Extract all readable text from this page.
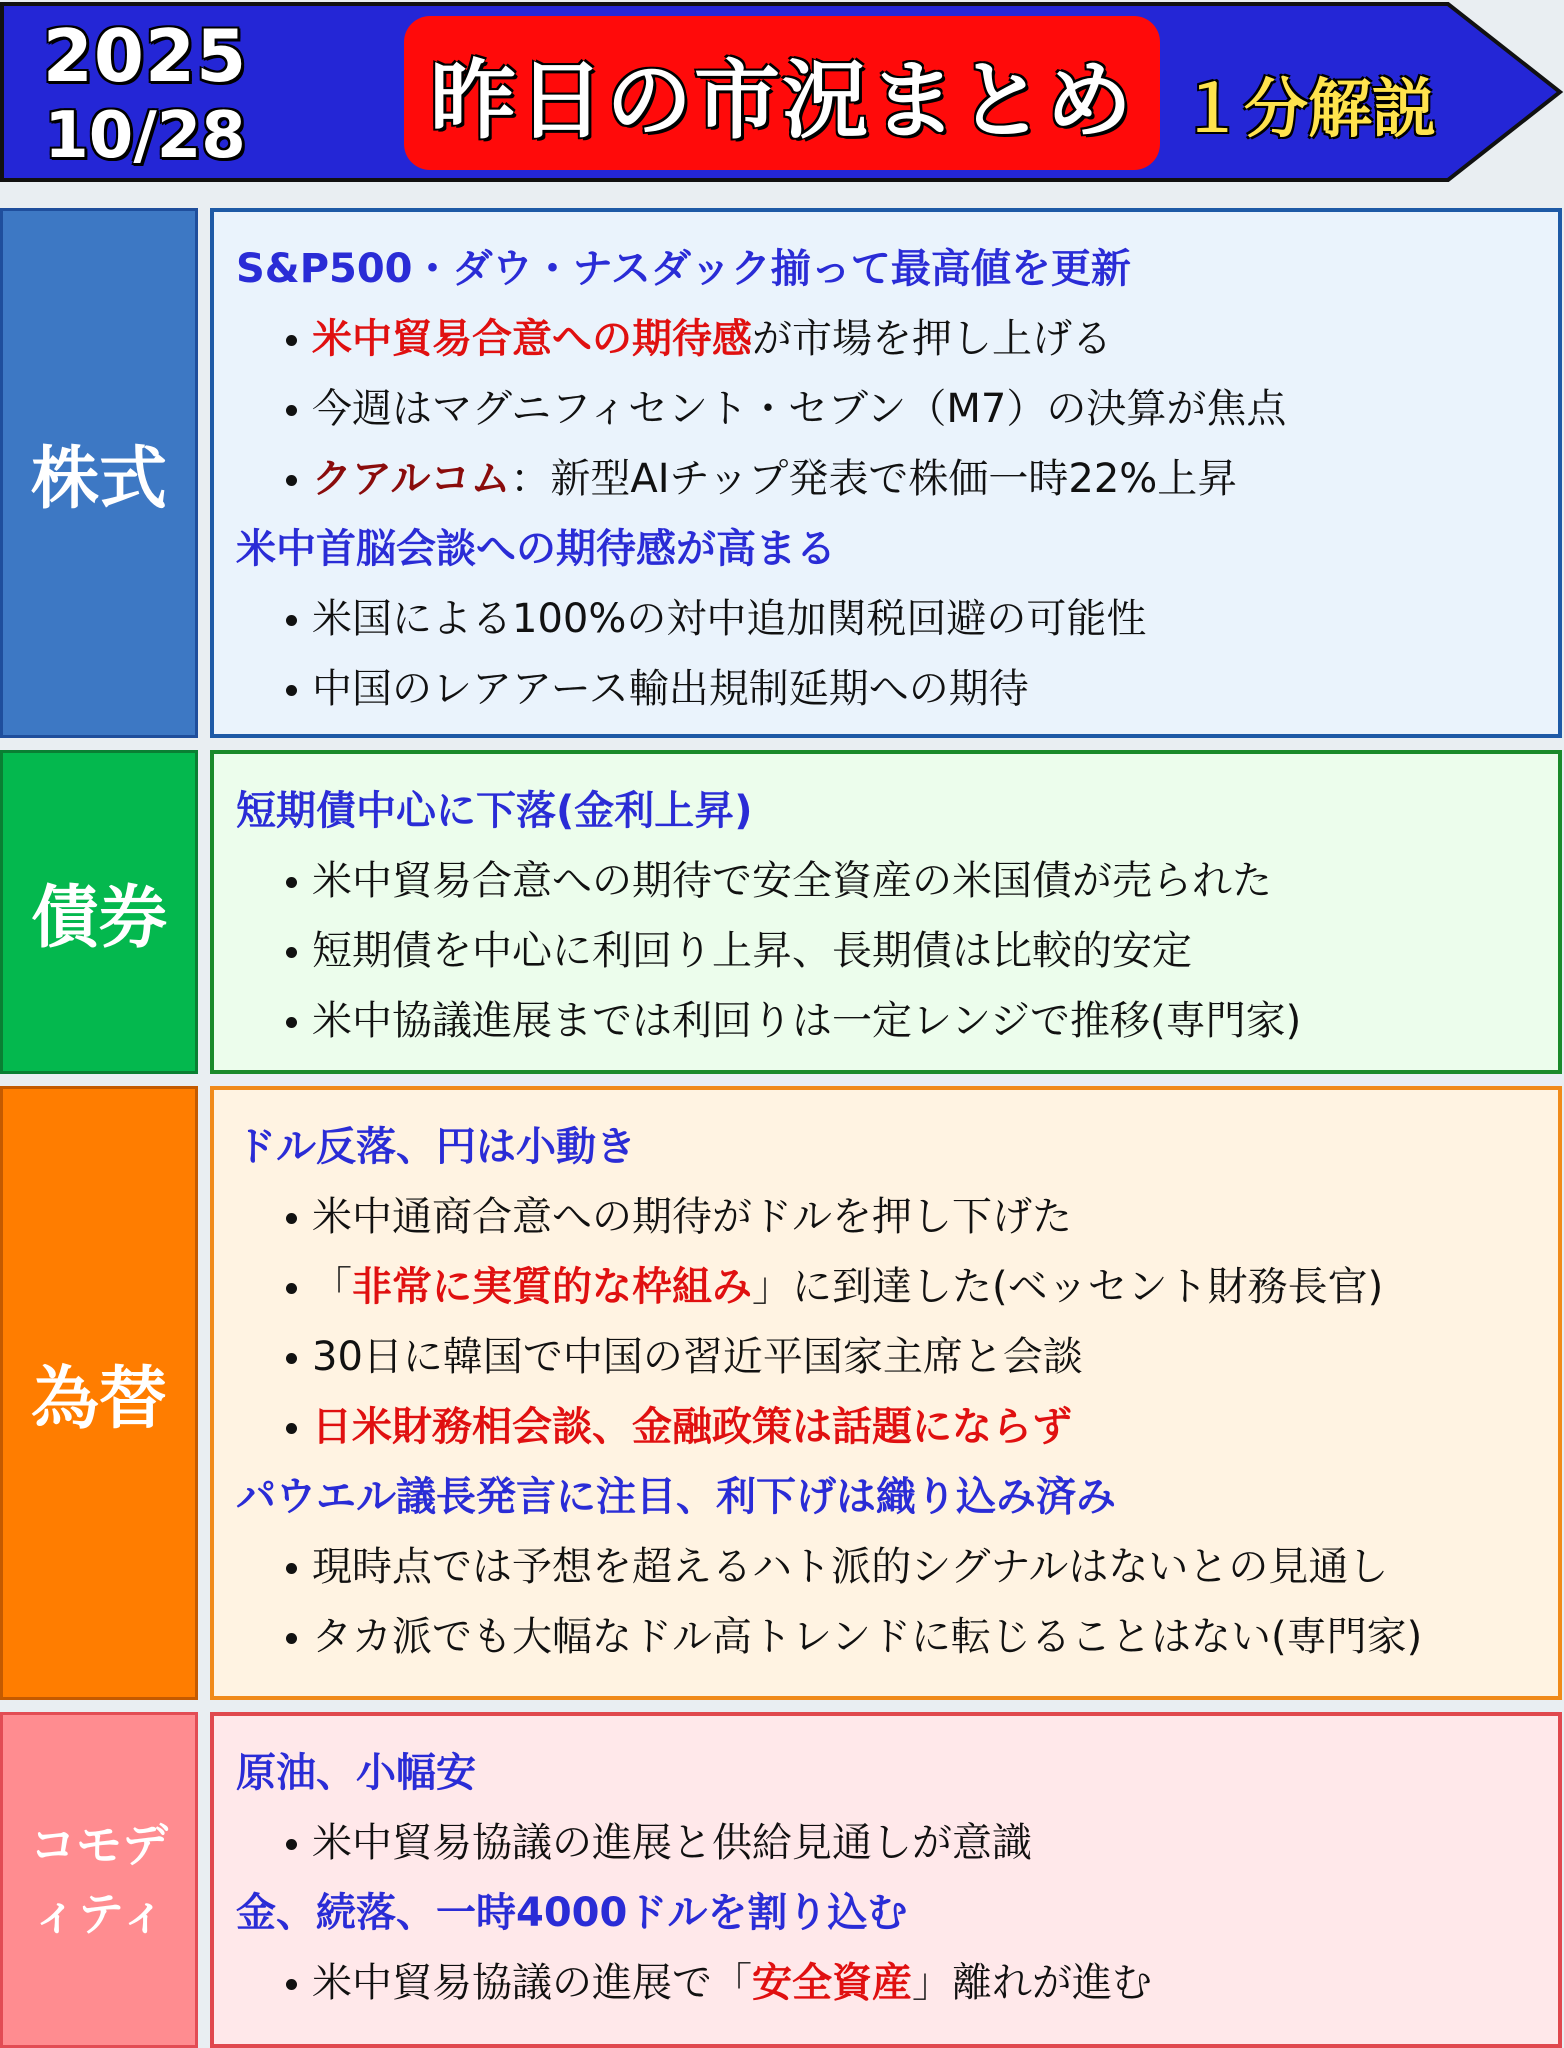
2025
10/28	昨日の市況まとめ １分解説
株式
S&P500・ダウ・ナスダック揃って最高値を更新
米中貿易合意への期待感が市場を押し上げる
今週はマグニフィセント・セブン（M7）の決算が焦点
クアルコム：新型AIチップ発表で株価一時22%上昇
米中首脳会談への期待感が高まる
米国による100%の対中追加関税回避の可能性
中国のレアアース輸出規制延期への期待
債券
短期債中心に下落(金利上昇)
米中貿易合意への期待で安全資産の米国債が売られた
短期債を中心に利回り上昇、長期債は比較的安定
米中協議進展までは利回りは一定レンジで推移(専門家)
為替
ドル反落、円は小動き
米中通商合意への期待がドルを押し下げた
「非常に実質的な枠組み」に到達した(ベッセント財務長官)
30日に韓国で中国の習近平国家主席と会談
日米財務相会談、金融政策は話題にならず
パウエル議長発言に注目、利下げは織り込み済み
現時点では予想を超えるハト派的シグナルはないとの見通し
タカ派でも大幅なドル高トレンドに転じることはない(専門家)
コモデ
ィティ
原油、小幅安
米中貿易協議の進展と供給見通しが意識
金、続落、一時4000ドルを割り込む
米中貿易協議の進展で「安全資産」離れが進む
